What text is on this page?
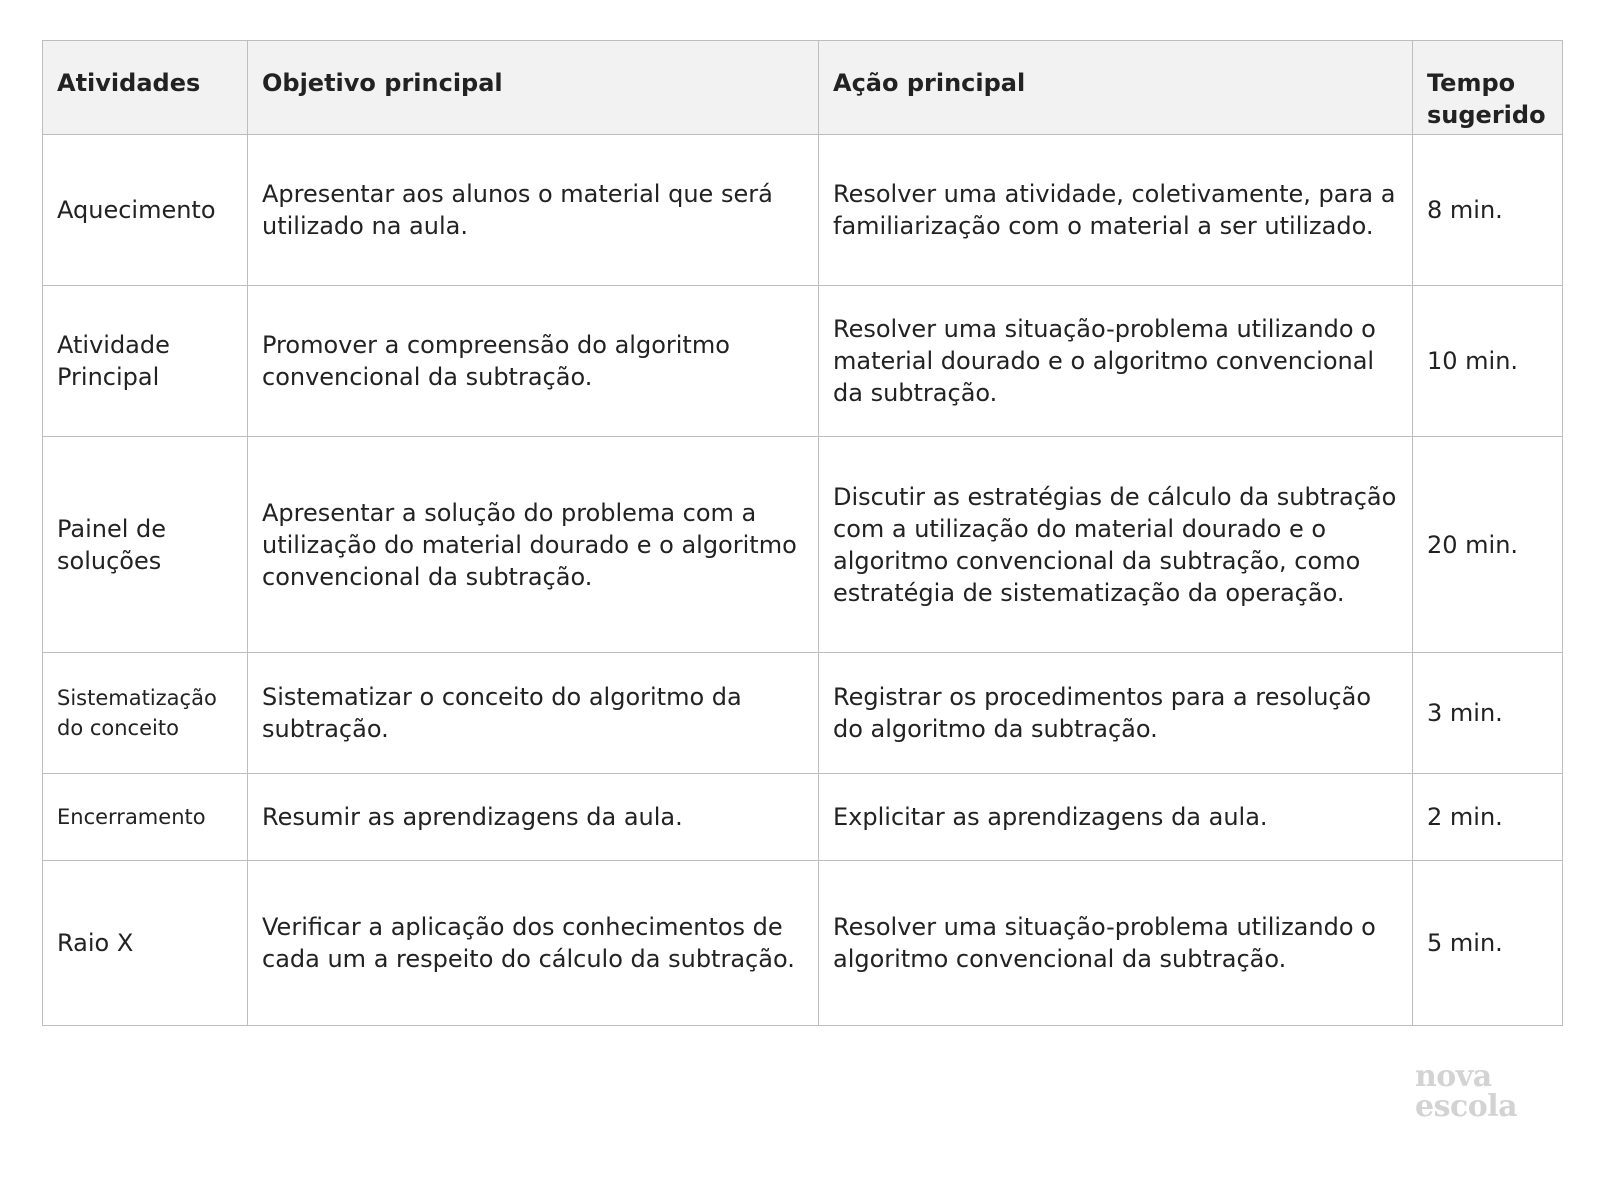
Atividades	Objetivo principal	Ação principal	Tempo sugerido
Aquecimento	Apresentar aos alunos o material que será utilizado na aula.	Resolver uma atividade, coletivamente, para a familiarização com o material a ser utilizado.	8 min.
Atividade Principal	Promover a compreensão do algoritmo convencional da subtração.	Resolver uma situação-problema utilizando o material dourado e o algoritmo convencional da subtração.	10 min.
Painel de soluções	Apresentar a solução do problema com a utilização do material dourado e o algoritmo convencional da subtração.	Discutir as estratégias de cálculo da subtração com a utilização do material dourado e o algoritmo convencional da subtração, como estratégia de sistematização da operação.	20 min.
Sistematização do conceito	Sistematizar o conceito do algoritmo da subtração.	Registrar os procedimentos para a resolução do algoritmo da subtração.	3 min.
Encerramento	Resumir as aprendizagens da aula.	Explicitar as aprendizagens da aula.	2 min.
Raio X	Verificar a aplicação dos conhecimentos de cada um a respeito do cálculo da subtração.	Resolver uma situação-problema utilizando o algoritmo convencional da subtração.	5 min.
nova
escola
